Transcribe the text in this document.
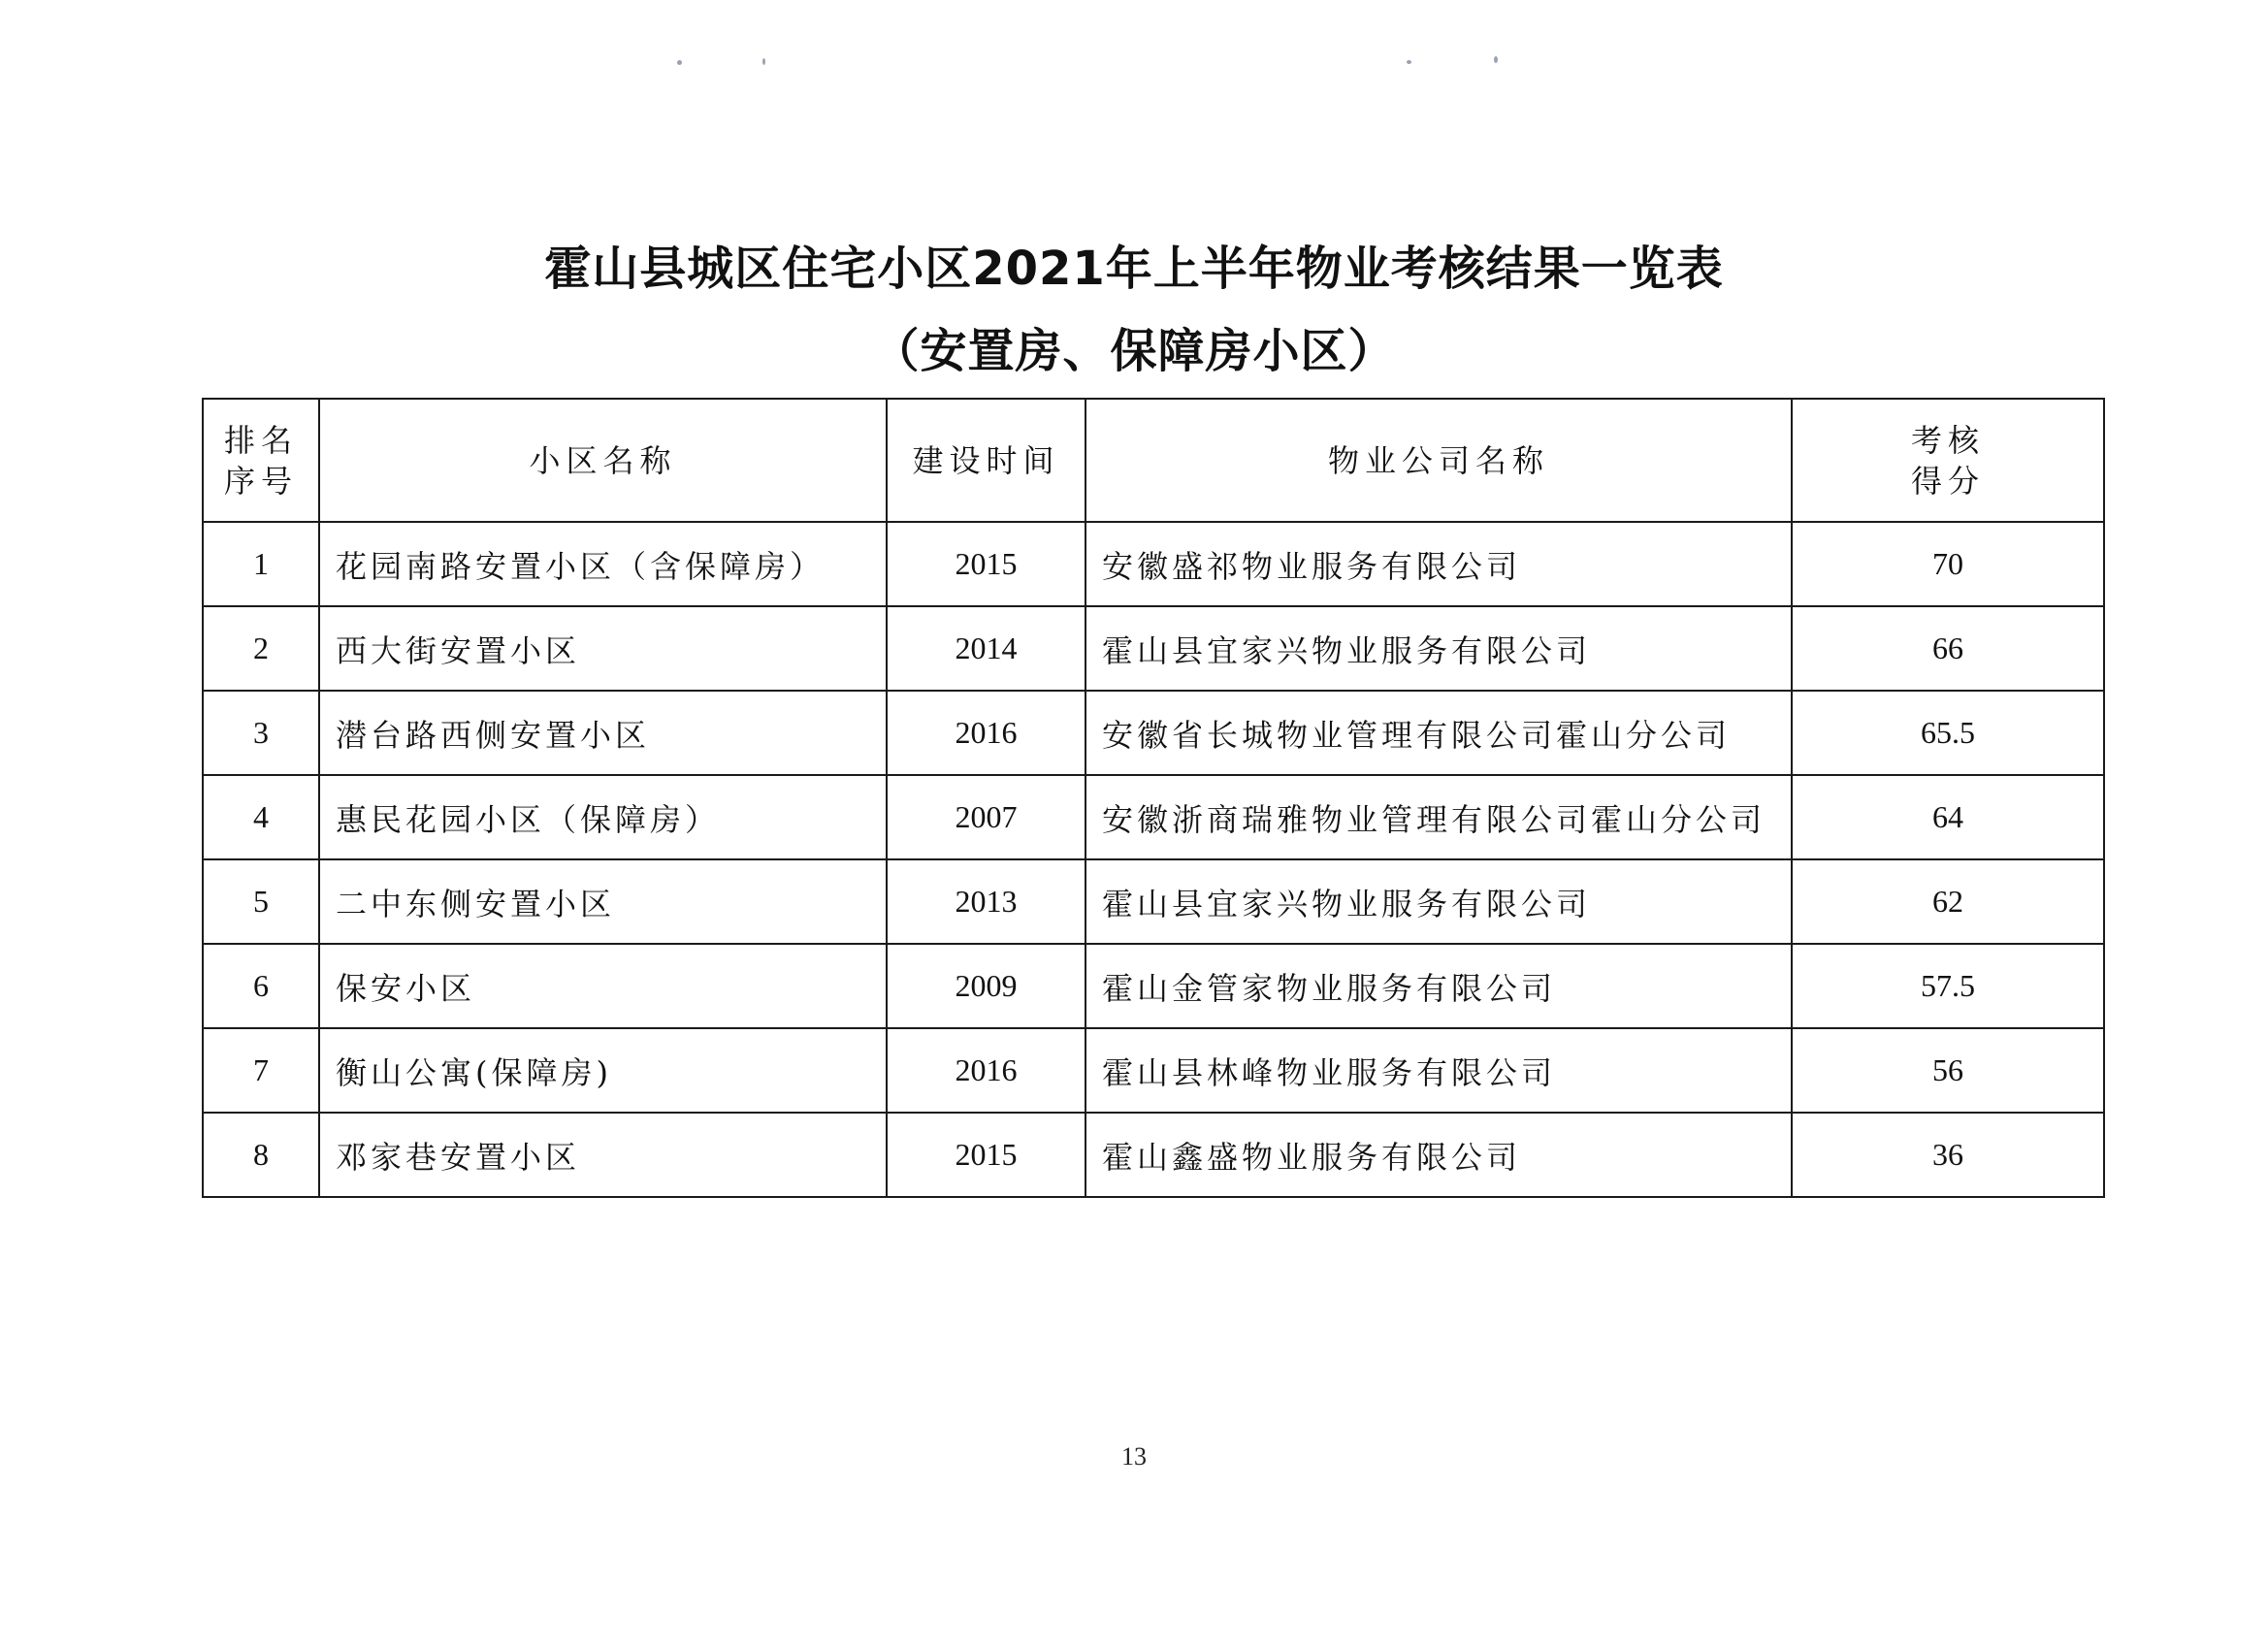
霍山县城区住宅小区2021年上半年物业考核结果一览表
（安置房、保障房小区）
排名
序号	小区名称	建设时间	物业公司名称	考核
得分

1	花园南路安置小区（含保障房）	2015	安徽盛祁物业服务有限公司	70
2	西大街安置小区	2014	霍山县宜家兴物业服务有限公司	66
3	潜台路西侧安置小区	2016	安徽省长城物业管理有限公司霍山分公司	65.5
4	惠民花园小区（保障房）	2007	安徽浙商瑞雅物业管理有限公司霍山分公司	64
5	二中东侧安置小区	2013	霍山县宜家兴物业服务有限公司	62
6	保安小区	2009	霍山金管家物业服务有限公司	57.5
7	衡山公寓(保障房)	2016	霍山县林峰物业服务有限公司	56
8	邓家巷安置小区	2015	霍山鑫盛物业服务有限公司	36
13
